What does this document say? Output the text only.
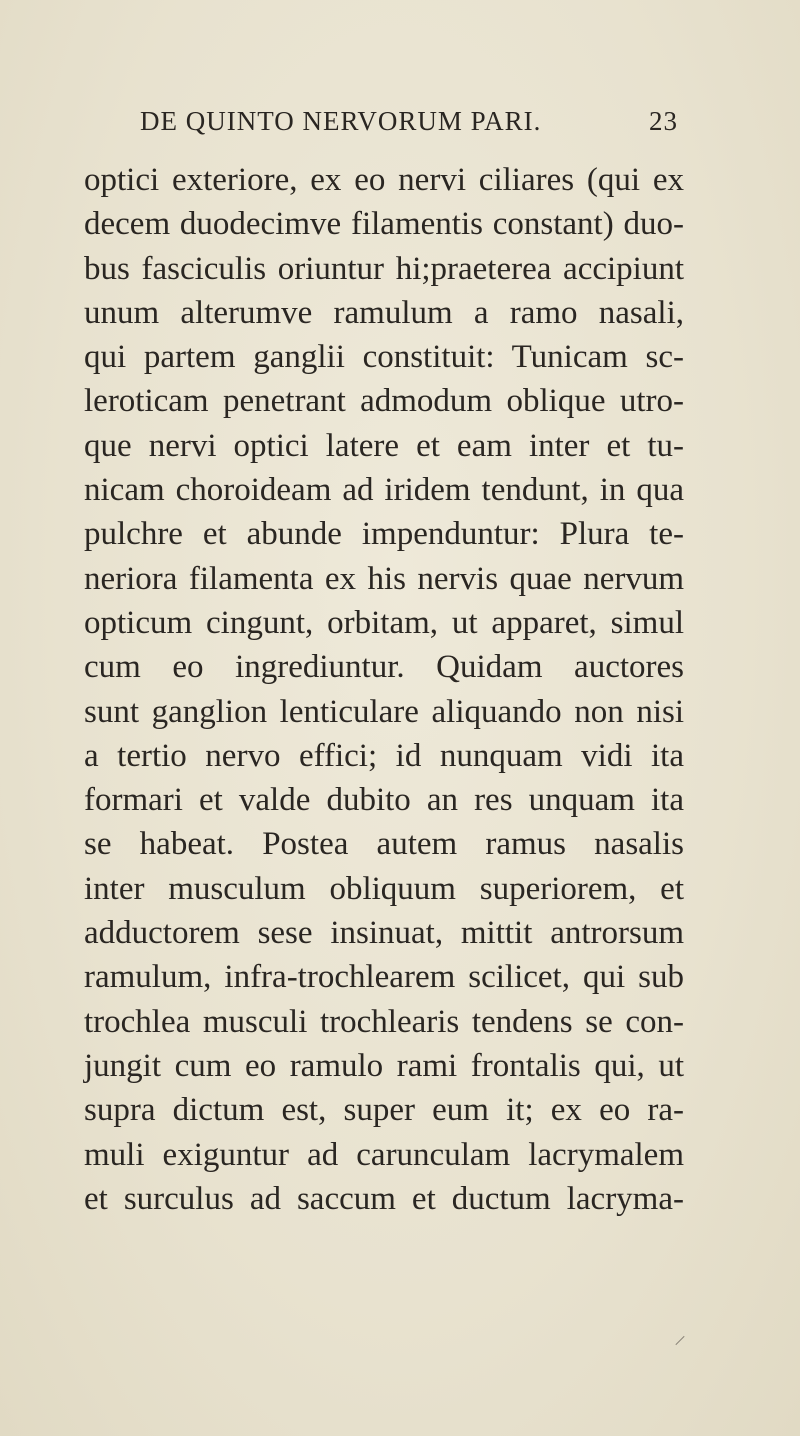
DE QUINTO NERVORUM PARI.	23
optici exteriore, ex eo nervi ciliares (qui ex
decem duodecimve filamentis constant) duo-
bus fasciculis oriuntur hi;praeterea accipiunt
unum alterumve ramulum a ramo nasali,
qui partem ganglii constituit: Tunicam sc-
leroticam penetrant admodum oblique utro-
que nervi optici latere et eam inter et tu-
nicam choroideam ad iridem tendunt, in qua
pulchre et abunde impenduntur: Plura te-
neriora filamenta ex his nervis quae nervum
opticum cingunt, orbitam, ut apparet, simul
cum eo ingrediuntur. Quidam auctores
sunt ganglion lenticulare aliquando non nisi
a tertio nervo effici; id nunquam vidi ita
formari et valde dubito an res unquam ita
se habeat. Postea autem ramus nasalis
inter musculum obliquum superiorem, et
adductorem sese insinuat, mittit antrorsum
ramulum, infra-trochlearem scilicet, qui sub
trochlea musculi trochlearis tendens se con-
jungit cum eo ramulo rami frontalis qui, ut
supra dictum est, super eum it; ex eo ra-
muli exiguntur ad carunculam lacrymalem
et surculus ad saccum et ductum lacryma-
